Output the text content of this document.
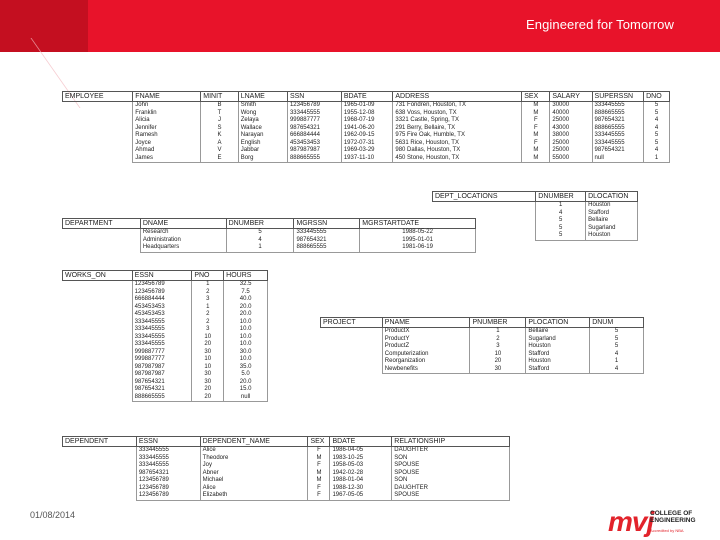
Engineered for Tomorrow
EMPLOYEE	FNAME	MINIT	LNAME	SSN	BDATE	ADDRESS	SEX	SALARY	SUPERSSN	DNO
	John	B	Smith	123456789	1965-01-09	731 Fondren, Houston, TX	M	30000	333445555	5
	Franklin	T	Wong	333445555	1955-12-08	638 Voss, Houston, TX	M	40000	888665555	5
	Alicia	J	Zelaya	999887777	1968-07-19	3321 Castle, Spring, TX	F	25000	987654321	4
	Jennifer	S	Wallace	987654321	1941-06-20	291 Berry, Bellaire, TX	F	43000	888665555	4
	Ramesh	K	Narayan	666884444	1962-09-15	975 Fire Oak, Humble, TX	M	38000	333445555	5
	Joyce	A	English	453453453	1972-07-31	5631 Rice, Houston, TX	F	25000	333445555	5
	Ahmad	V	Jabbar	987987987	1969-03-29	980 Dallas, Houston, TX	M	25000	987654321	4
	James	E	Borg	888665555	1937-11-10	450 Stone, Houston, TX	M	55000	null	1
DEPT_LOCATIONS	DNUMBER	DLOCATION
	1	Houston
	4	Stafford
	5	Bellaire
	5	Sugarland
	5	Houston
DEPARTMENT	DNAME	DNUMBER	MGRSSN	MGRSTARTDATE
	Research	5	333445555	1988-05-22
	Administration	4	987654321	1995-01-01
	Headquarters	1	888665555	1981-06-19
WORKS_ON	ESSN	PNO	HOURS
	123456789	1	32.5
	123456789	2	7.5
	666884444	3	40.0
	453453453	1	20.0
	453453453	2	20.0
	333445555	2	10.0
	333445555	3	10.0
	333445555	10	10.0
	333445555	20	10.0
	999887777	30	30.0
	999887777	10	10.0
	987987987	10	35.0
	987987987	30	5.0
	987654321	30	20.0
	987654321	20	15.0
	888665555	20	null
PROJECT	PNAME	PNUMBER	PLOCATION	DNUM
	ProductX	1	Bellaire	5
	ProductY	2	Sugarland	5
	ProductZ	3	Houston	5
	Computerization	10	Stafford	4
	Reorganization	20	Houston	1
	Newbenefits	30	Stafford	4
DEPENDENT	ESSN	DEPENDENT_NAME	SEX	BDATE	RELATIONSHIP
	333445555	Alice	F	1986-04-05	DAUGHTER
	333445555	Theodore	M	1983-10-25	SON
	333445555	Joy	F	1958-05-03	SPOUSE
	987654321	Abner	M	1942-02-28	SPOUSE
	123456789	Michael	M	1988-01-04	SON
	123456789	Alice	F	1988-12-30	DAUGHTER
	123456789	Elizabeth	F	1967-05-05	SPOUSE
01/08/2014	mvj
COLLEGE OF
ENGINEERING
Accredited by NBA
